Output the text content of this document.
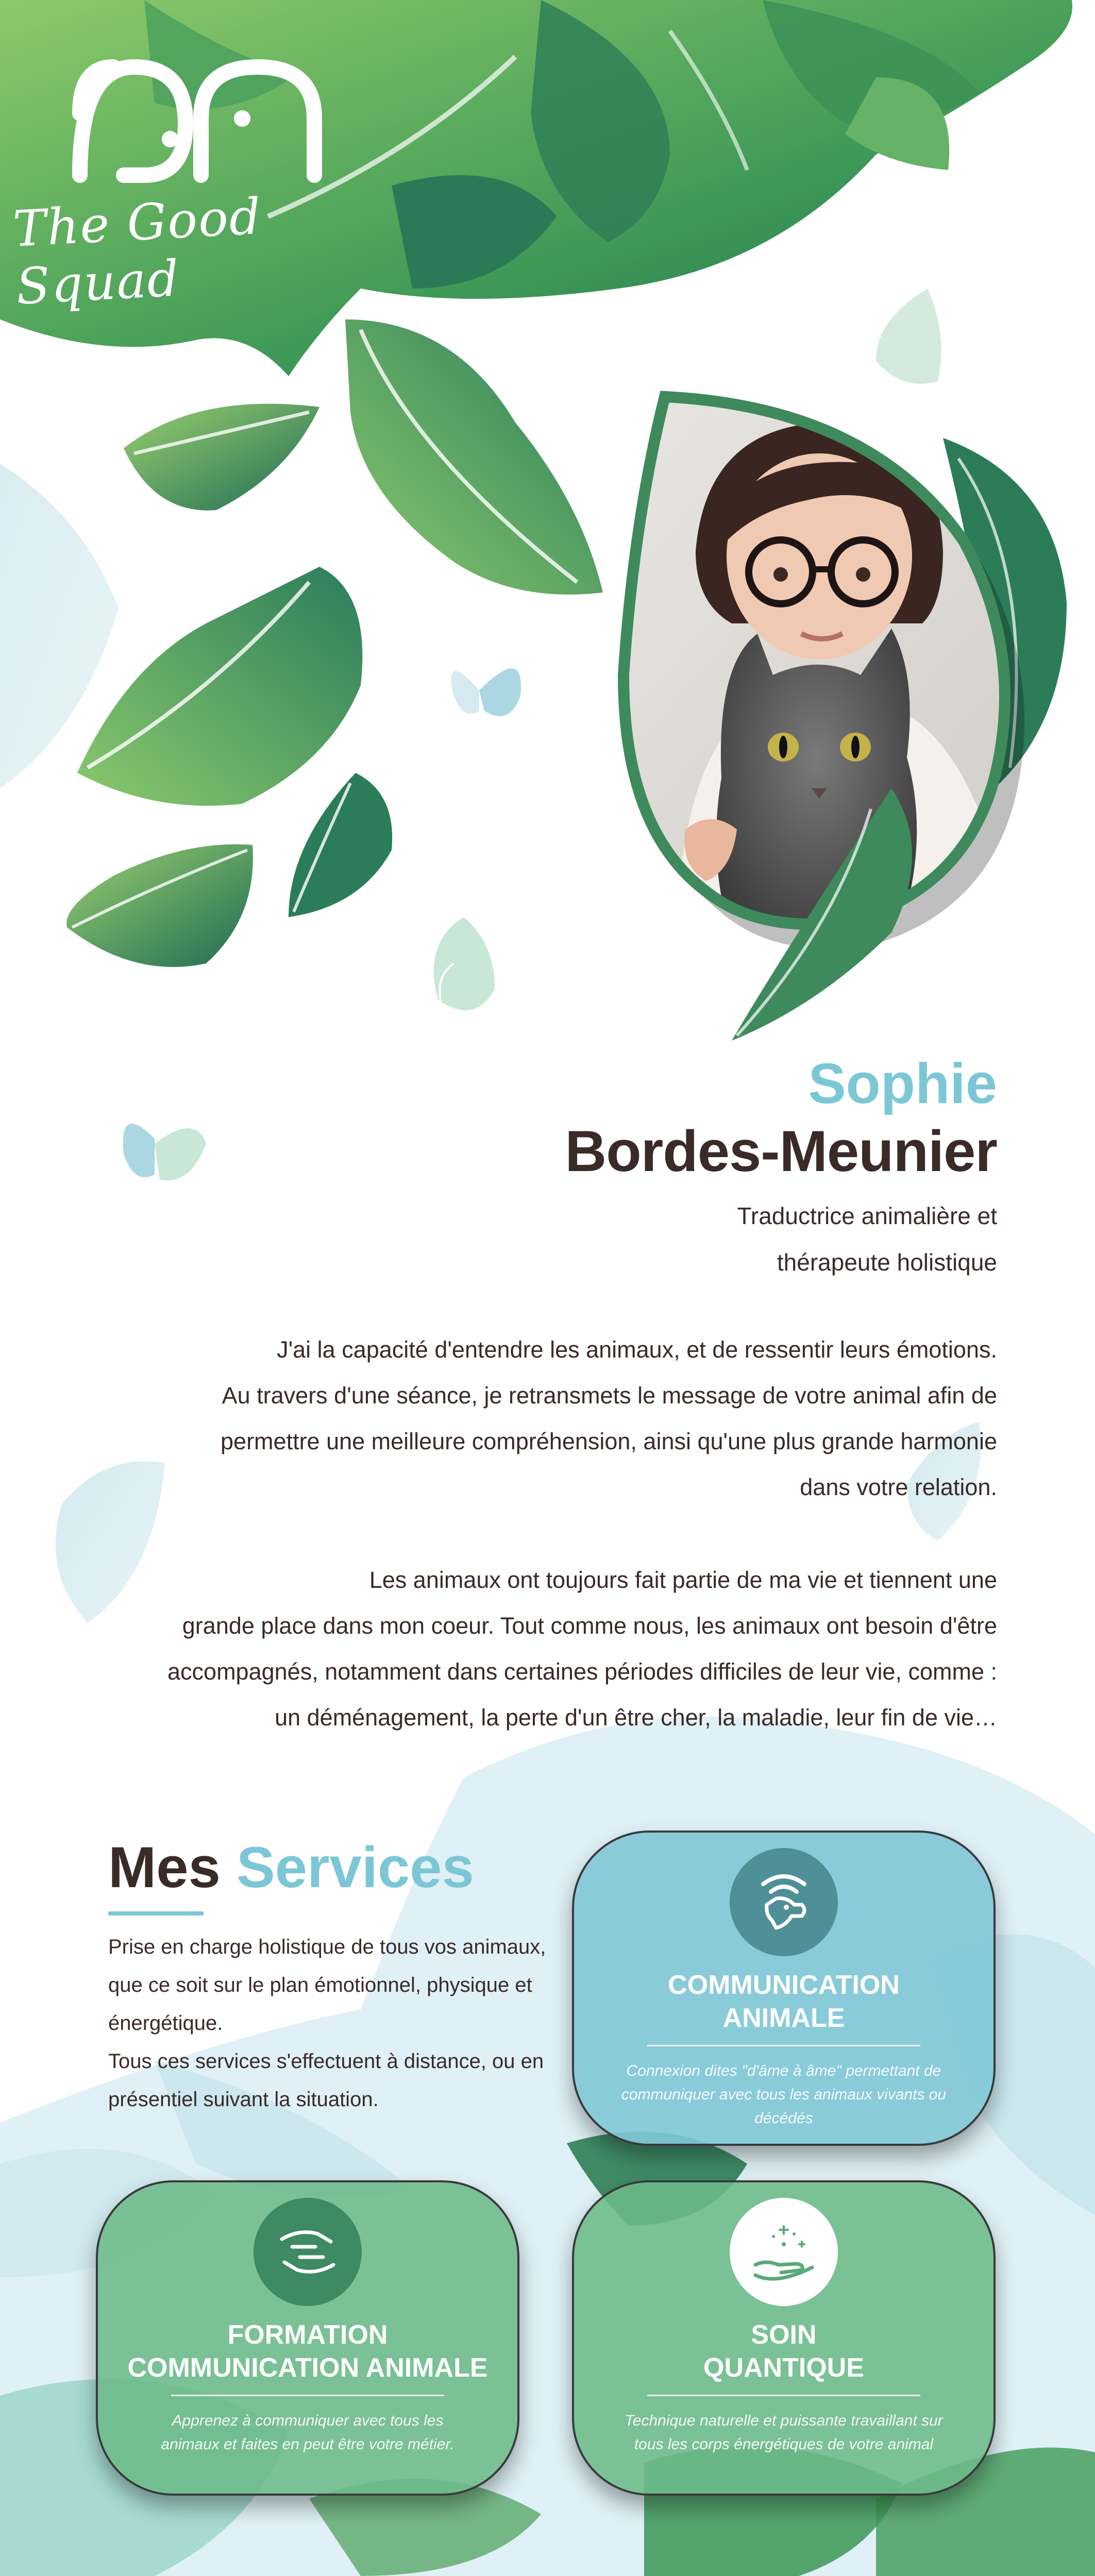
The Good Squad
Sophie
Bordes-Meunier
Traductrice animalière et
thérapeute holistique
J'ai la capacité d'entendre les animaux, et de ressentir leurs émotions.
Au travers d'une séance, je retransmets le message de votre animal afin de
permettre une meilleure compréhension, ainsi qu'une plus grande harmonie
dans votre relation.
Les animaux ont toujours fait partie de ma vie et tiennent une
grande place dans mon coeur. Tout comme nous, les animaux ont besoin d'être
accompagnés, notamment dans certaines périodes difficiles de leur vie, comme :
un déménagement, la perte d'un être cher, la maladie, leur fin de vie…
Mes Services
Prise en charge holistique de tous vos animaux,
que ce soit sur le plan émotionnel, physique et
énergétique.
Tous ces services s'effectuent à distance, ou en
présentiel suivant la situation.
COMMUNICATION
ANIMALE
Connexion dites "d'âme à âme" permettant de communiquer avec tous les animaux vivants ou décédés
FORMATION
COMMUNICATION ANIMALE
Apprenez à communiquer avec tous les animaux et faites en peut être votre métier.
SOIN
QUANTIQUE
Technique naturelle et puissante travaillant sur tous les corps énergétiques de votre animal
